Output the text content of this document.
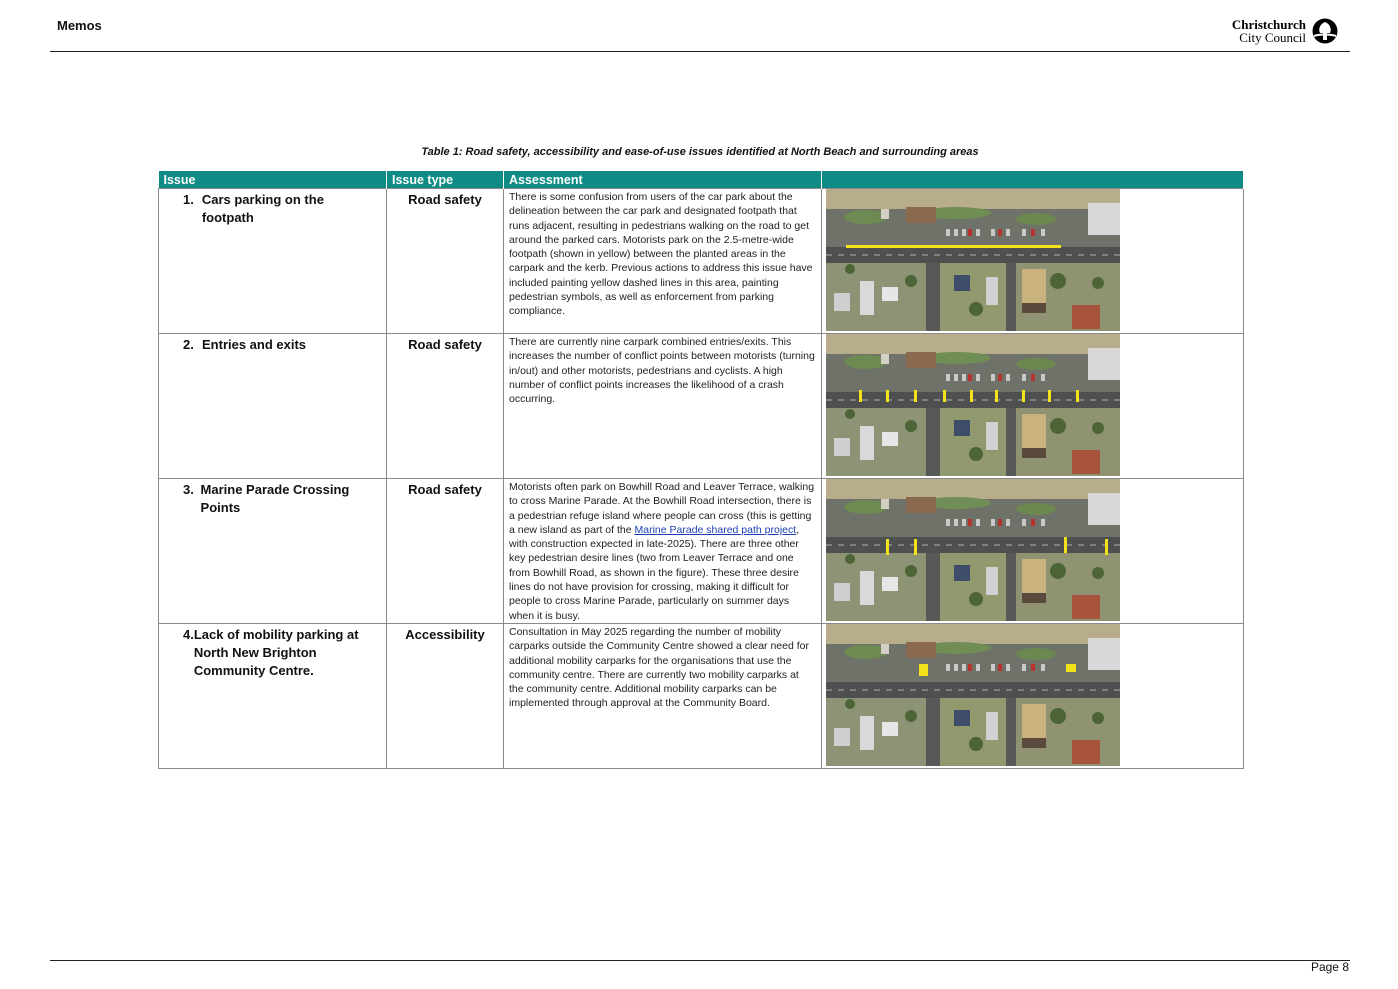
Memos	Christchurch
City Council
Table 1: Road safety, accessibility and ease-of-use issues identified at North Beach and surrounding areas
Issue	Issue type	Assessment	

1. Cars parking on the footpath	Road safety	There is some confusion from users of the car park about the delineation between the car park and designated footpath that runs adjacent, resulting in pedestrians walking on the road to get around the parked cars. Motorists park on the 2.5-metre-wide footpath (shown in yellow) between the planted areas in the carpark and the kerb. Previous actions to address this issue have included painting yellow dashed lines in this area, painting pedestrian symbols, as well as enforcement from parking compliance.	

2. Entries and exits	Road safety	There are currently nine carpark combined entries/exits. This increases the number of conflict points between motorists (turning in/out) and other motorists, pedestrians and cyclists. A high number of conflict points increases the likelihood of a crash occurring.	

3. Marine Parade Crossing Points	Road safety	Motorists often park on Bowhill Road and Leaver Terrace, walking to cross Marine Parade. At the Bowhill Road intersection, there is a pedestrian refuge island where people can cross (this is getting a new island as part of the Marine Parade shared path project, with construction expected in late-2025). There are three other key pedestrian desire lines (two from Leaver Terrace and one from Bowhill Road, as shown in the figure). These three desire lines do not have provision for crossing, making it difficult for people to cross Marine Parade, particularly on summer days when it is busy.	

4. Lack of mobility parking at North New Brighton Community Centre.	Accessibility	Consultation in May 2025 regarding the number of mobility carparks outside the Community Centre showed a clear need for additional mobility carparks for the organisations that use the community centre. There are currently two mobility carparks at the community centre. Additional mobility carparks can be implemented through approval at the Community Board.	
Page 8
